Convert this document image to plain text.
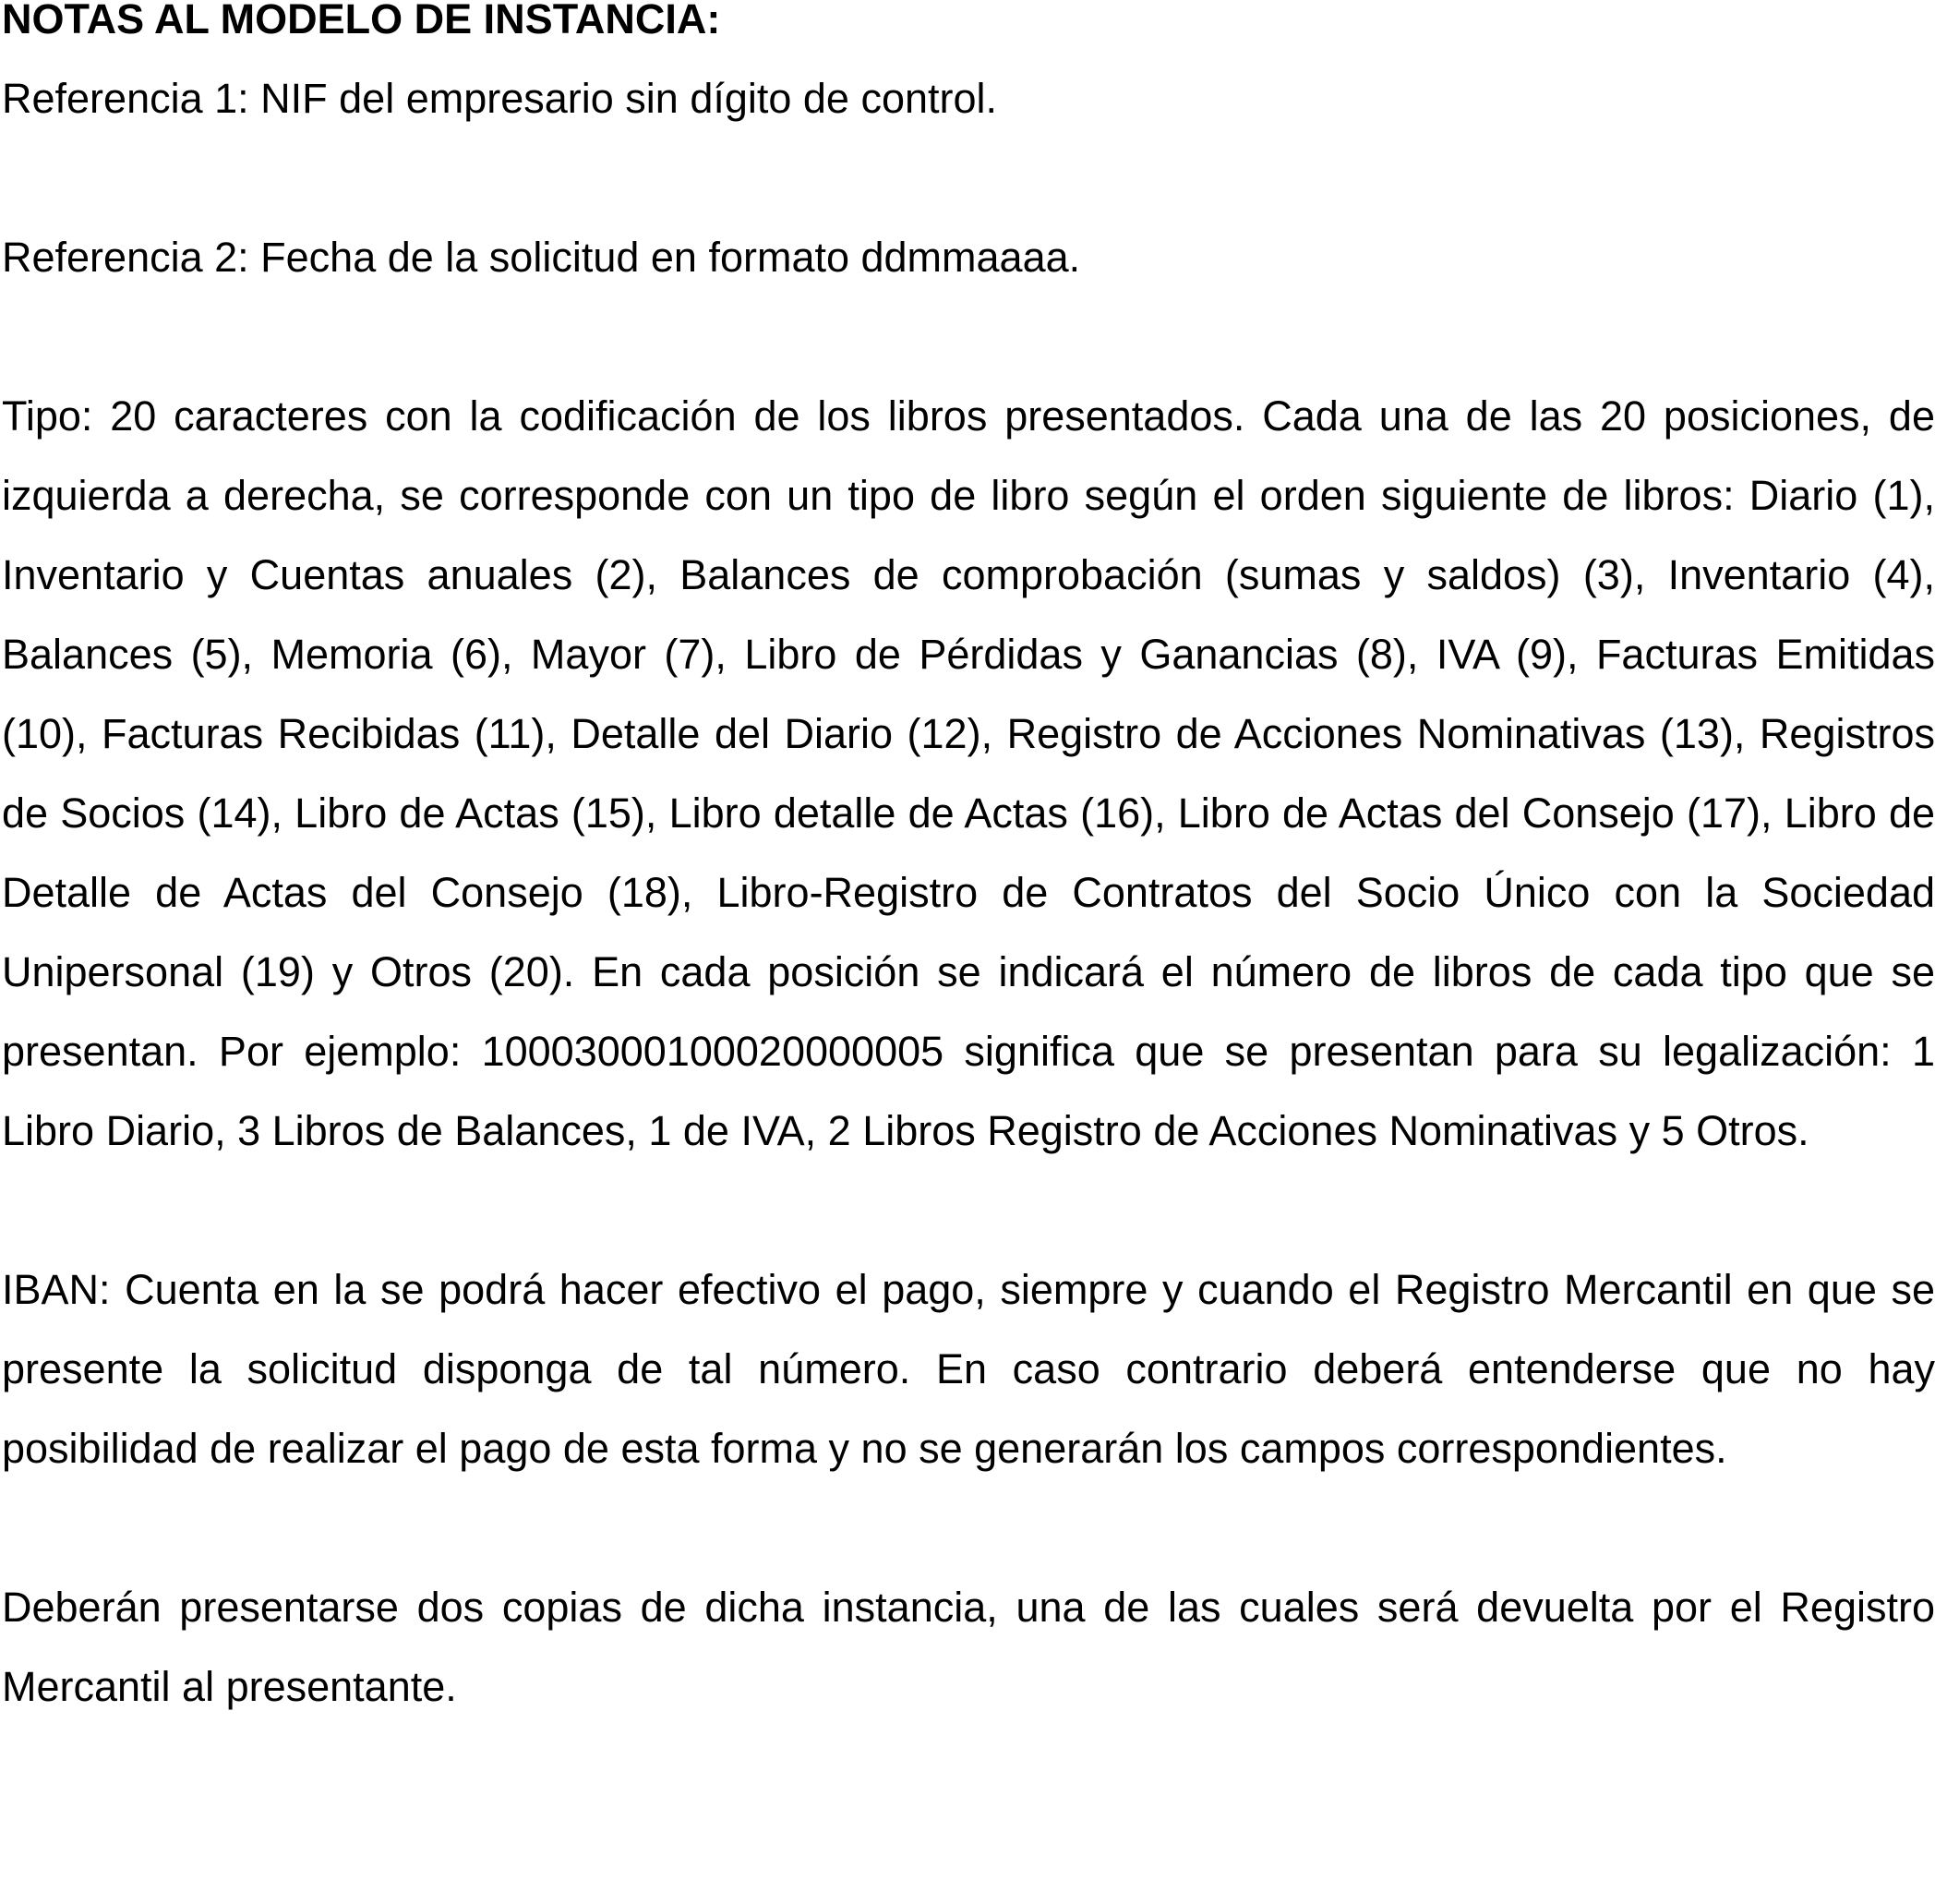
NOTAS AL MODELO DE INSTANCIA:

Referencia 1: NIF del empresario sin dígito de control.

Referencia 2: Fecha de la solicitud en formato ddmmaaaa.

Tipo: 20 caracteres con la codificación de los libros presentados. Cada una de las 20 posiciones, de izquierda a derecha, se corresponde con un tipo de libro según el orden siguiente de libros: Diario (1), Inventario y Cuentas anuales (2), Balances de comprobación (sumas y saldos) (3), Inventario (4), Balances (5), Memoria (6), Mayor (7), Libro de Pérdidas y Ganancias (8), IVA (9), Facturas Emitidas (10), Facturas Recibidas (11), Detalle del Diario (12), Registro de Acciones Nominativas (13), Registros de Socios (14), Libro de Actas (15), Libro detalle de Actas (16), Libro de Actas del Consejo (17), Libro de Detalle de Actas del Consejo (18), Libro-Registro de Contratos del Socio Único con la Sociedad Unipersonal (19) y Otros (20). En cada posición se indicará el número de libros de cada tipo que se presentan. Por ejemplo: 10003000100020000005 significa que se presentan para su legalización: 1 Libro Diario, 3 Libros de Balances, 1 de IVA, 2 Libros Registro de Acciones Nominativas y 5 Otros.

IBAN: Cuenta en la se podrá hacer efectivo el pago, siempre y cuando el Registro Mercantil en que se presente la solicitud disponga de tal número. En caso contrario deberá entenderse que no hay posibilidad de realizar el pago de esta forma y no se generarán los campos correspondientes.

Deberán presentarse dos copias de dicha instancia, una de las cuales será devuelta por el Registro Mercantil al presentante.
